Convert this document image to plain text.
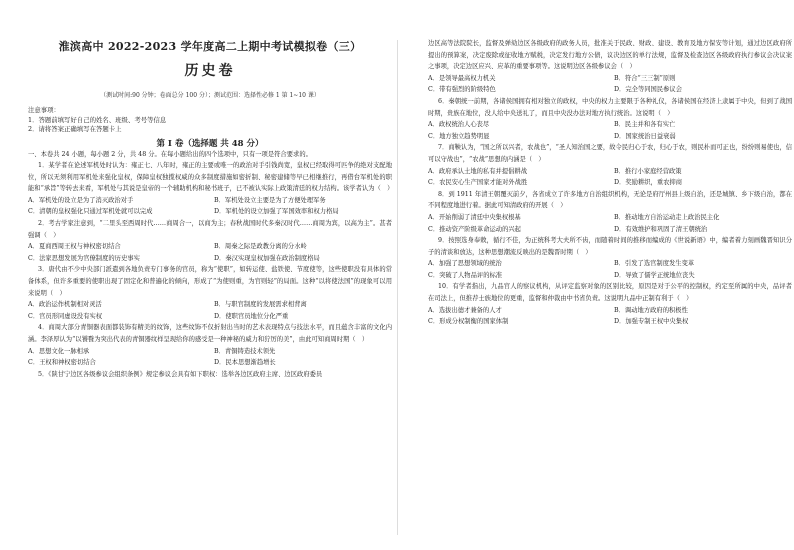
淮滨高中 2022-2023 学年度高二上期中考试模拟卷（三）
历史卷
（测试时间:90 分钟；卷面总分 100 分）；测试范围：选择性必修 1 第 1~10 课）
注意事项：
1．答题前填写好自己的姓名、班级、考号等信息
2．请将答案正确填写在答题卡上
第 I 卷（选择题 共 48 分）
一、本卷共 24 小题，每小题 2 分，共 48 分。在每小题给出的四个选项中，只有一项是符合要求的。
1．某学者在论述军机处时认为：雍正七、八年时，雍正的主要或唯一的政治对手引钱尚宽，皇权已经取得可匹争的绝对支配地位，所以无须利用军机处来强化皇权，保障皇权独揽权威的众多制度措施如密折制、秘密建储等早已相继推行，再借台军机处的职能和“承旨”等转去来看，军机处与其说是皇帝的一个辅助机构和秘书班子，已不被认实际上政策清廷的权力结构。该学者认为（　）
A．军机处的设立是为了消灭政治对手	B．军机处设立主要是为了方便处理军务
C．清朝的皇权强化只通过军机处就可以完成	D．军机处的设立加强了军国效率和权力格局
2．考古学家注意到，“二里头至西周时代……商周合一，以商为主；春秋战国时代多秦汉时代……商周为宾，以高为主”。甚者强调（　）
A．夏商西周王权与神权密切结合	B．周秦之际是政教分离的分水岭
C．法家思想发展为官僚制度的历史事实	D．秦汉实现皇权加强在政治制度格局
3．唐代由不少中央部门派遣到各地负责专门事务的官员，称为“使职”，如转运使、盐铁使、节度使等，这些使职没有具体的常备体系，但许多重要的使职出现了固定化和普遍化的倾向，形成了“为使则重，为官则轻”的局面。这种“以将使法国”的现象可以用来说明（　）
A．政治运作机制相对灵活	B．与职官制度的发展需求相背离
C．官员形同虚设没有实权	D．使职官员地位分化严重
4．商周大部分青铜器表面都装饰有精美的纹饰，这些纹饰不仅折射出当时的艺术表现特点与技法水平，而且蕴含丰富的文化内涵。李泽厚认为“以饕餮为突出代表的青铜器纹样呈现给你的感受是一种神秘的威力和狞厉的美”，由此可知商周时期（　）
A．思想文化一脉相承	B．青铜铸造技术领先
C．王权和神权密切结合	D．民本思想渐趋增长
5．《陕甘宁边区各级参议会组织条例》规定参议会具有如下职权：选举各边区政府主席、边区政府委员
边区高等法院院长，监督及弹劾边区各级政府的政务人员，批准关于民政、财政、建设、教育及地方保安等计划，通过边区政府所提出的预算案，决定废除或征收地方赋税，决定发行地方公债，议决边区的单行法规，监督及检查边区各级政府执行参议会决议案之事项，决定边区应兴、应革的重要事项等。这说明边区各级参议会（　）
A．是领导最高权力机关	B．符合“三三制”原则
C．带有强烈的阶级特色	D．完全等同国民参议会
6．秦朝统一前期，各诸侯国拥有相对独立的政权，中央的权力主要限于各种礼仪，各诸侯国在经济上隶属于中央，但到了战国时期，贵族在地位，没人给中央送礼了，而且中央没办法对地方执行统治。这说明（　）
A．政权统治人心丧尽	B．民主并和各有实亡
C．地方独立趋势明显	D．国家统治日益衰弱
7．商鞅认为，“国之所以兴者，农战也”，“圣人知治国之要，故令民归心于农，归心于农，则民朴而可正也，纷纷则易使也，信可以守战也”，“农战”思想的内涵是（　）
A．政府承认土地的私有并提倡耕战	B．推行小家庭经营政策
C．农民安心生产国家才能对外战胜	D．奖励耕织，重农抑商
8．到 1911 年清王朝覆灭前夕，各省成立了许多地方自治组织机构，无论是府厅州县上级自治，还是城镇、乡下级自治，都在不同程度地进行着。据此可知清政府的开展（　）
A．开始削弱了清廷中央集权根基	B．推动地方自治运动走上政治民主化
C．推动资产阶级革命运动的兴起	D．有效维护和巩固了清王朝统治
9．按照选身奉敕，循行不佳，为正统科考大夫所不齿，而随着时间的推移而编成的《世说新语》中，编者着力刻画魏晋知识分子的清谈和放达，这种思想潮流反映出的是魏晋时期（　）
A．加强了思想领域的统治	B．引发了选官制度发生变革
C．突破了人物品评的标准	D．导致了儒学正统地位丧失
10．有学者指出，九品官人的察议机构，从评定监察对象的区别比较，原因是对于公平的控制权，约定至所属的中央，品评者在司法上，但推荐士族地位的更重，监督和仲裁由中书省负责。这说明九品中正制有利于（　）
A．选拔出德才兼备的人才	B．调动地方政府的积极性
C．形成分权制衡的国家体制	D．加强专制王权中央集权
